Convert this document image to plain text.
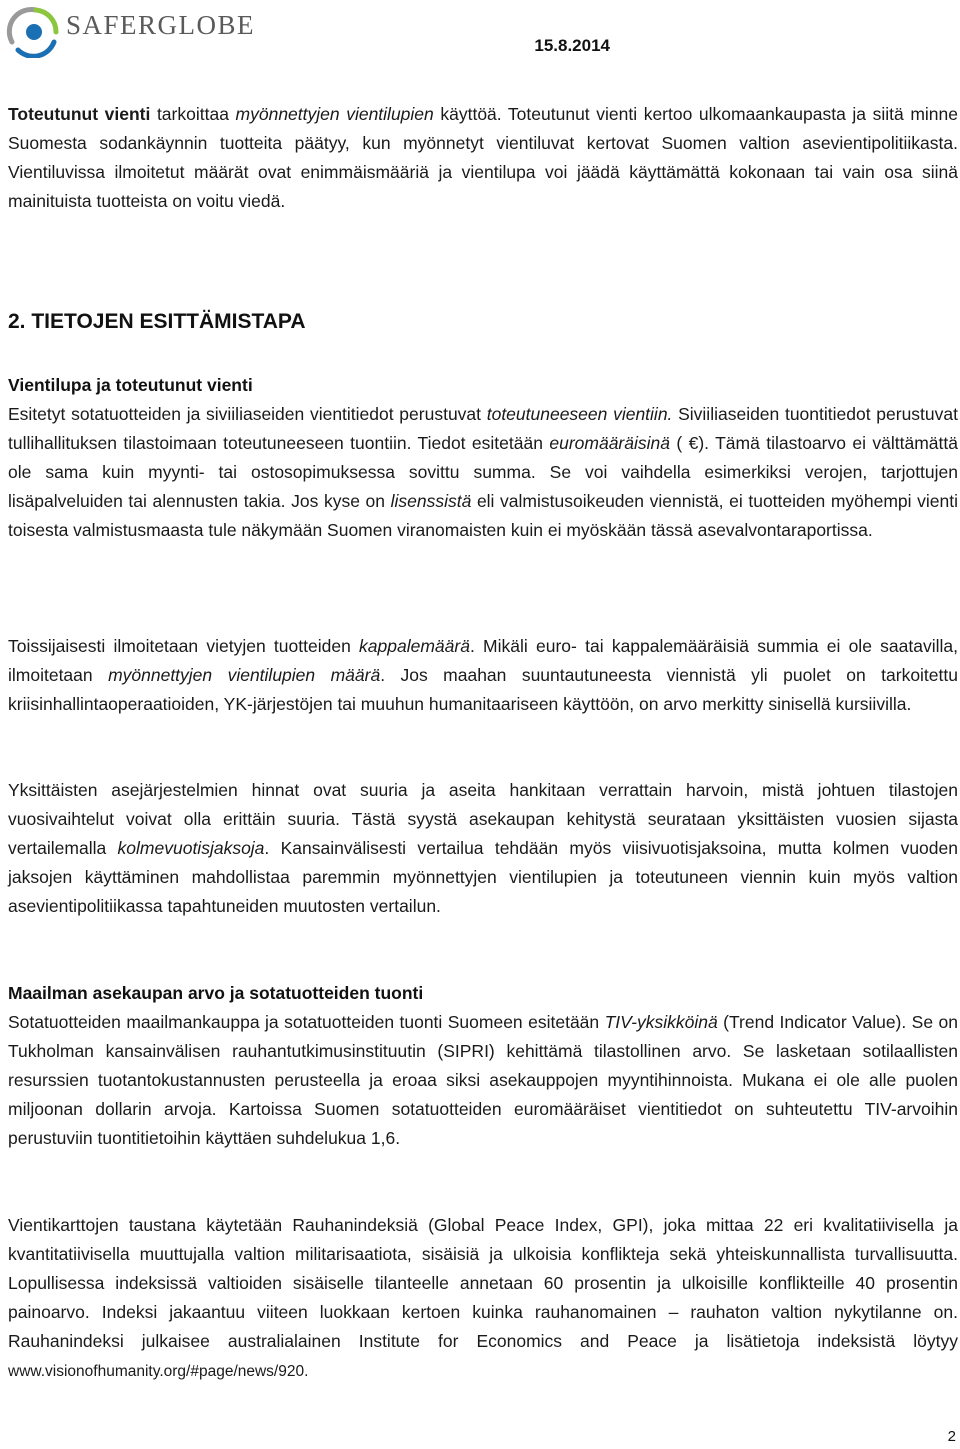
SAFERGLOBE
15.8.2014

Toteutunut vienti tarkoittaa myönnettyjen vientilupien käyttöä. Toteutunut vienti kertoo ulkomaankaupasta ja siitä minne Suomesta sodankäynnin tuotteita päätyy, kun myönnetyt vientiluvat kertovat Suomen valtion asevientipolitiikasta. Vientiluvissa ilmoitetut määrät ovat enimmäismääriä ja vientilupa voi jäädä käyttämättä kokonaan tai vain osa siinä mainituista tuotteista on voitu viedä.

2. TIETOJEN ESITTÄMISTAPA
Vientilupa ja toteutunut vienti

Esitetyt sotatuotteiden ja siviiliaseiden vientitiedot perustuvat toteutuneeseen vientiin. Siviiliaseiden tuontitiedot perustuvat tullihallituksen tilastoimaan toteutuneeseen tuontiin. Tiedot esitetään euromääräisinä ( €). Tämä tilastoarvo ei välttämättä ole sama kuin myynti- tai ostosopimuksessa sovittu summa. Se voi vaihdella esimerkiksi verojen, tarjottujen lisäpalveluiden tai alennusten takia. Jos kyse on lisenssistä eli valmistusoikeuden viennistä, ei tuotteiden myöhempi vienti toisesta valmistusmaasta tule näkymään Suomen viranomaisten kuin ei myöskään tässä asevalvontaraportissa.

Toissijaisesti ilmoitetaan vietyjen tuotteiden kappalemäärä. Mikäli euro- tai kappalemääräisiä summia ei ole saatavilla, ilmoitetaan myönnettyjen vientilupien määrä. Jos maahan suuntautuneesta viennistä yli puolet on tarkoitettu kriisinhallintaoperaatioiden, YK-järjestöjen tai muuhun humanitaariseen käyttöön, on arvo merkitty sinisellä kursiivilla.

Yksittäisten asejärjestelmien hinnat ovat suuria ja aseita hankitaan verrattain harvoin, mistä johtuen tilastojen vuosivaihtelut voivat olla erittäin suuria. Tästä syystä asekaupan kehitystä seurataan yksittäisten vuosien sijasta vertailemalla kolmevuotisjaksoja. Kansainvälisesti vertailua tehdään myös viisivuotisjaksoina, mutta kolmen vuoden jaksojen käyttäminen mahdollistaa paremmin myönnettyjen vientilupien ja toteutuneen viennin kuin myös valtion asevientipolitiikassa tapahtuneiden muutosten vertailun.

Maailman asekaupan arvo ja sotatuotteiden tuonti

Sotatuotteiden maailmankauppa ja sotatuotteiden tuonti Suomeen esitetään TIV-yksikköinä (Trend Indicator Value). Se on Tukholman kansainvälisen rauhantutkimusinstituutin (SIPRI) kehittämä tilastollinen arvo. Se lasketaan sotilaallisten resurssien tuotantokustannusten perusteella ja eroaa siksi asekauppojen myyntihinnoista. Mukana ei ole alle puolen miljoonan dollarin arvoja. Kartoissa Suomen sotatuotteiden euromääräiset vientitiedot on suhteutettu TIV-arvoihin perustuviin tuontitietoihin käyttäen suhdelukua 1,6.

Vientikarttojen taustana käytetään Rauhanindeksiä (Global Peace Index, GPI), joka mittaa 22 eri kvalitatiivisella ja kvantitatiivisella muuttujalla valtion militarisaatiota, sisäisiä ja ulkoisia konflikteja sekä yhteiskunnallista turvallisuutta. Lopullisessa indeksissä valtioiden sisäiselle tilanteelle annetaan 60 prosentin ja ulkoisille konflikteille 40 prosentin painoarvo. Indeksi jakaantuu viiteen luokkaan kertoen kuinka rauhanomainen – rauhaton valtion nykytilanne on. Rauhanindeksi julkaisee australialainen Institute for Economics and Peace ja lisätietoja indeksistä löytyy www.visionofhumanity.org/#page/news/920.

2
